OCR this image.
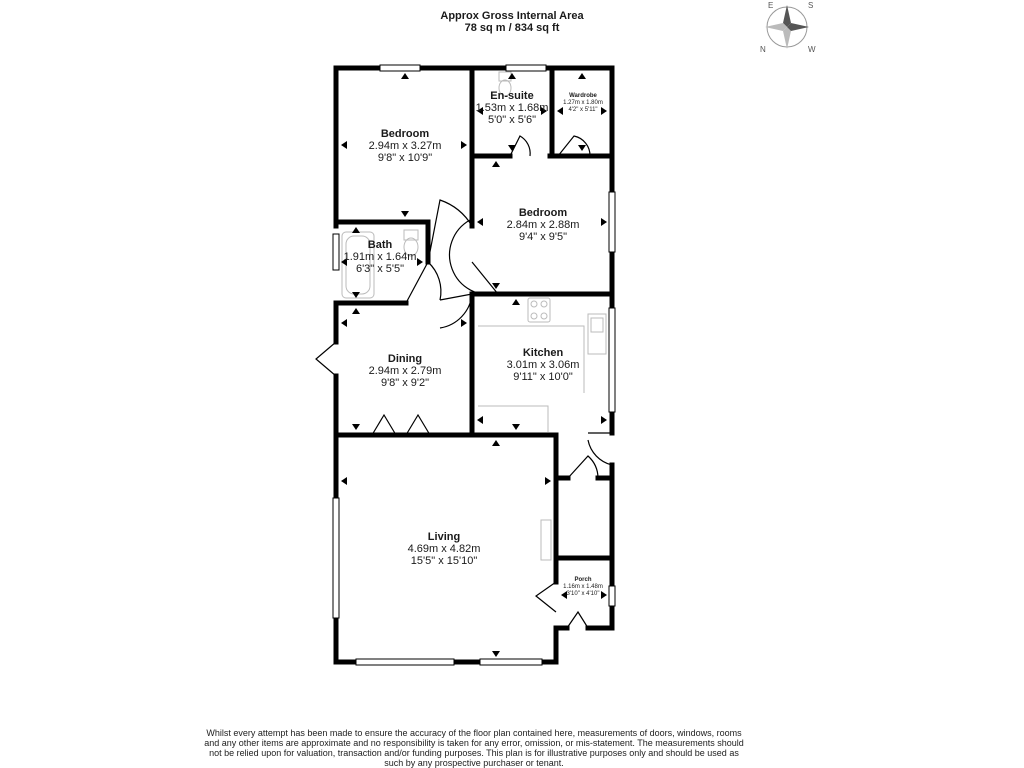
Approx Gross Internal Area
78 sq m / 834 sq ft
E	S
N	W
Bedroom
2.94m x 3.27m
9'8" x 10'9"
En-suite
1.53m x 1.68m
5'0" x 5'6"
Wardrobe
1.27m x 1.80m
4'2" x 5'11"
Bedroom
2.84m x 2.88m
9'4" x 9'5"
Bath
1.91m x 1.64m
6'3" x 5'5"
Dining
2.94m x 2.79m
9'8" x 9'2"
Kitchen
3.01m x 3.06m
9'11" x 10'0"
Living
4.69m x 4.82m
15'5" x 15'10"
Porch
1.16m x 1.48m
3'10" x 4'10"
Whilst every attempt has been made to ensure the accuracy of the floor plan contained here, measurements of doors, windows, rooms and any other items are approximate and no responsibility is taken for any error, omission, or mis-statement. The measurements should not be relied upon for valuation, transaction and/or funding purposes. This plan is for illustrative purposes only and should be used as such by any prospective purchaser or tenant.
